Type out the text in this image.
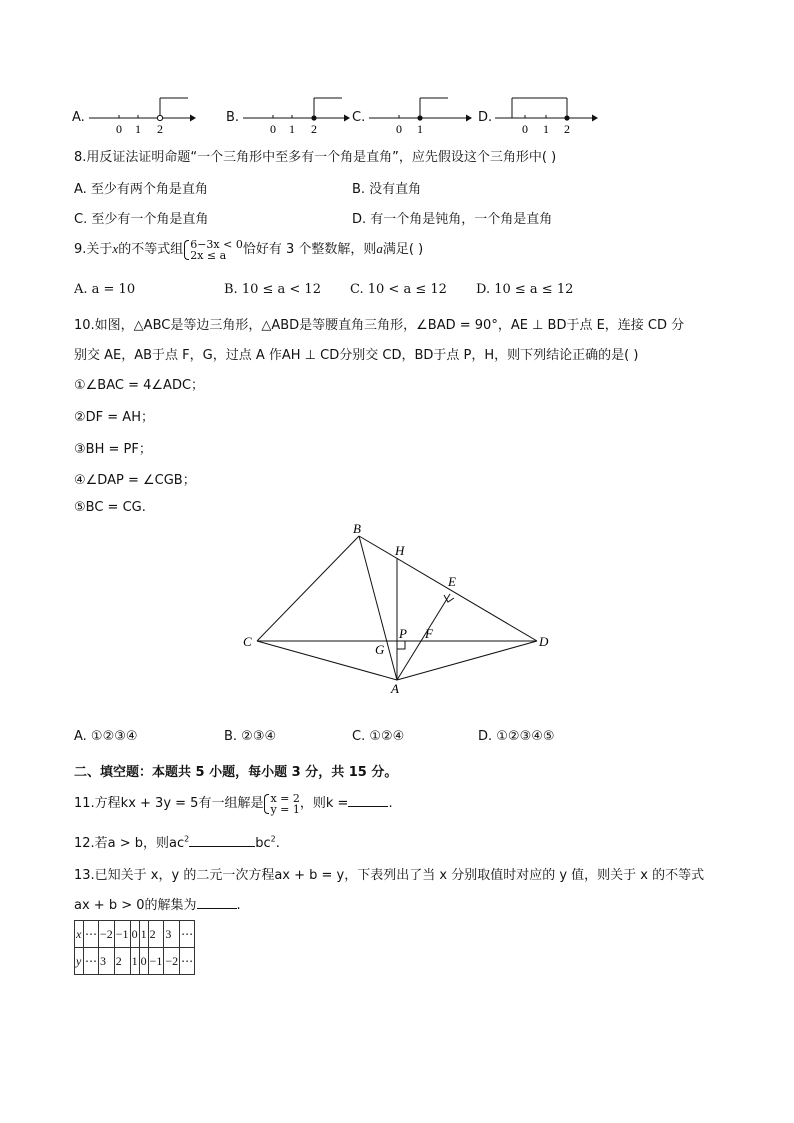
A.
0 1 2
B.
0 1 2
C.
0 1
D.
0 1 2
8.用反证法证明命题“一个三角形中至多有一个角是直角”，应先假设这个三角形中( )
A. 至少有两个角是直角	B. 没有直角
C. 至少有一个角是直角	D. 有一个角是钝角，一个角是直角
9.关于x的不等式组 6−3x < 0
2x ≤ a	恰好有 3 个整数解，则a满足( )
A. a = 10	B. 10 ≤ a < 12 C. 10 < a ≤ 12 D. 10 ≤ a ≤ 12
10.如图，△ABC是等边三角形，△ABD是等腰直角三角形，∠BAD = 90°，AE ⊥ BD于点 E，连接 CD 分
别交 AE，AB于点 F，G，过点 A 作AH ⊥ CD分别交 CD，BD于点 P，H，则下列结论正确的是( )
①∠BAC = 4∠ADC；
②DF = AH；
③BH = PF；
④∠DAP = ∠CGB；
⑤BC = CG.
B
H
E
C
P F
G
D
A
A. ①②③④	B. ②③④	C. ①②④	D. ①②③④⑤
二、填空题：本题共 5 小题，每小题 3 分，共 15 分。
11.方程kx + 3y = 5有一组解是 x = 2
y = 1 ，则k =	.
12.若a > b，则$ac^2$	$bc^2$.
13.已知关于 x，y 的二元一次方程ax + b = y，下表列出了当 x 分别取值时对应的 y 值，则关于 x 的不等式
ax + b > 0的解集为	.
x	⋯	−2	−1	0	1	2	3	⋯
y	⋯	3	2	1	0	−1	−2	⋯
